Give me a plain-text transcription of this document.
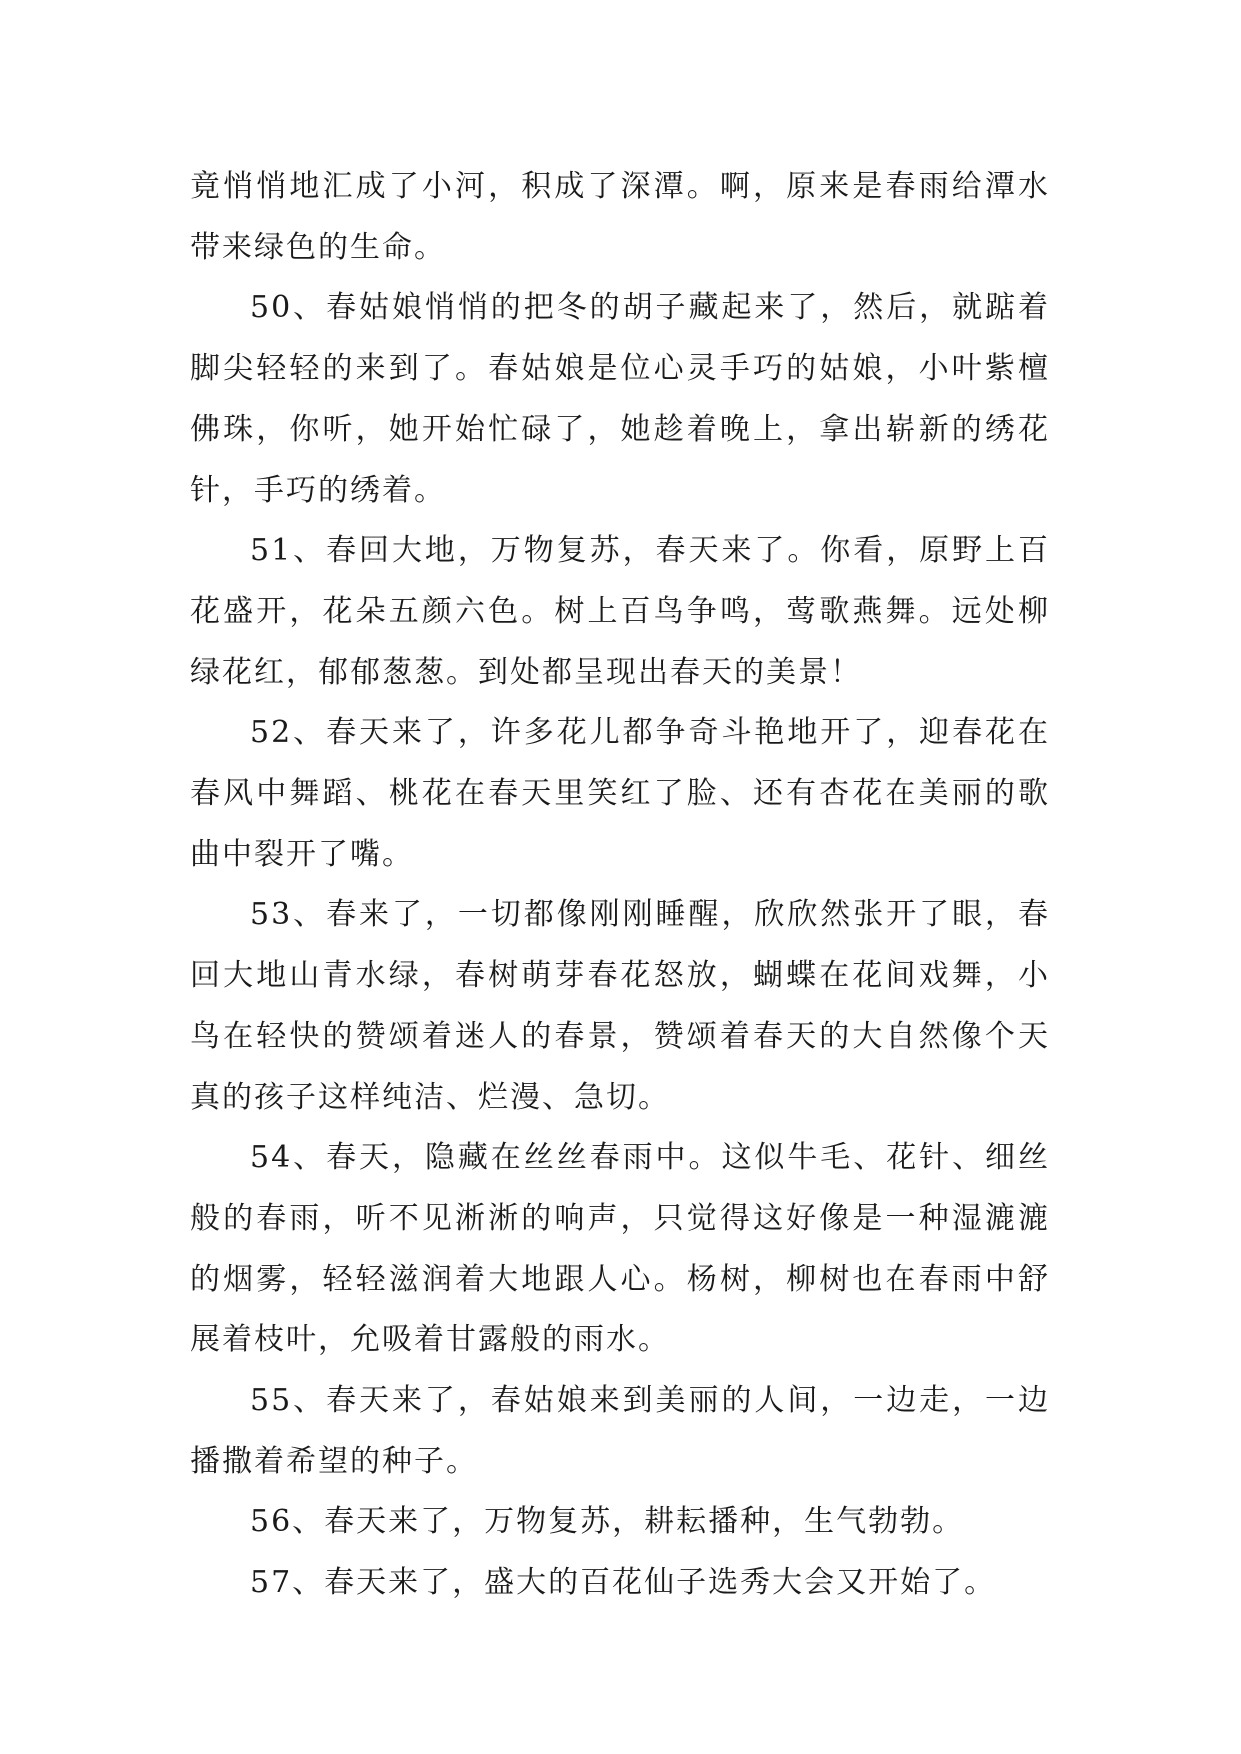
竟悄悄地汇成了小河，积成了深潭。啊，原来是春雨给潭水带来绿色的生命。

50、春姑娘悄悄的把冬的胡子藏起来了，然后，就踮着脚尖轻轻的来到了。春姑娘是位心灵手巧的姑娘，小叶紫檀佛珠，你听，她开始忙碌了，她趁着晚上，拿出崭新的绣花针，手巧的绣着。

51、春回大地，万物复苏，春天来了。你看，原野上百花盛开，花朵五颜六色。树上百鸟争鸣，莺歌燕舞。远处柳绿花红，郁郁葱葱。到处都呈现出春天的美景！

52、春天来了，许多花儿都争奇斗艳地开了，迎春花在春风中舞蹈、桃花在春天里笑红了脸、还有杏花在美丽的歌曲中裂开了嘴。

53、春来了，一切都像刚刚睡醒，欣欣然张开了眼，春回大地山青水绿，春树萌芽春花怒放，蝴蝶在花间戏舞，小鸟在轻快的赞颂着迷人的春景，赞颂着春天的大自然像个天真的孩子这样纯洁、烂漫、急切。

54、春天，隐藏在丝丝春雨中。这似牛毛、花针、细丝般的春雨，听不见淅淅的响声，只觉得这好像是一种湿漉漉的烟雾，轻轻滋润着大地跟人心。杨树，柳树也在春雨中舒展着枝叶，允吸着甘露般的雨水。

55、春天来了，春姑娘来到美丽的人间，一边走，一边播撒着希望的种子。

56、春天来了，万物复苏，耕耘播种，生气勃勃。

57、春天来了，盛大的百花仙子选秀大会又开始了。
